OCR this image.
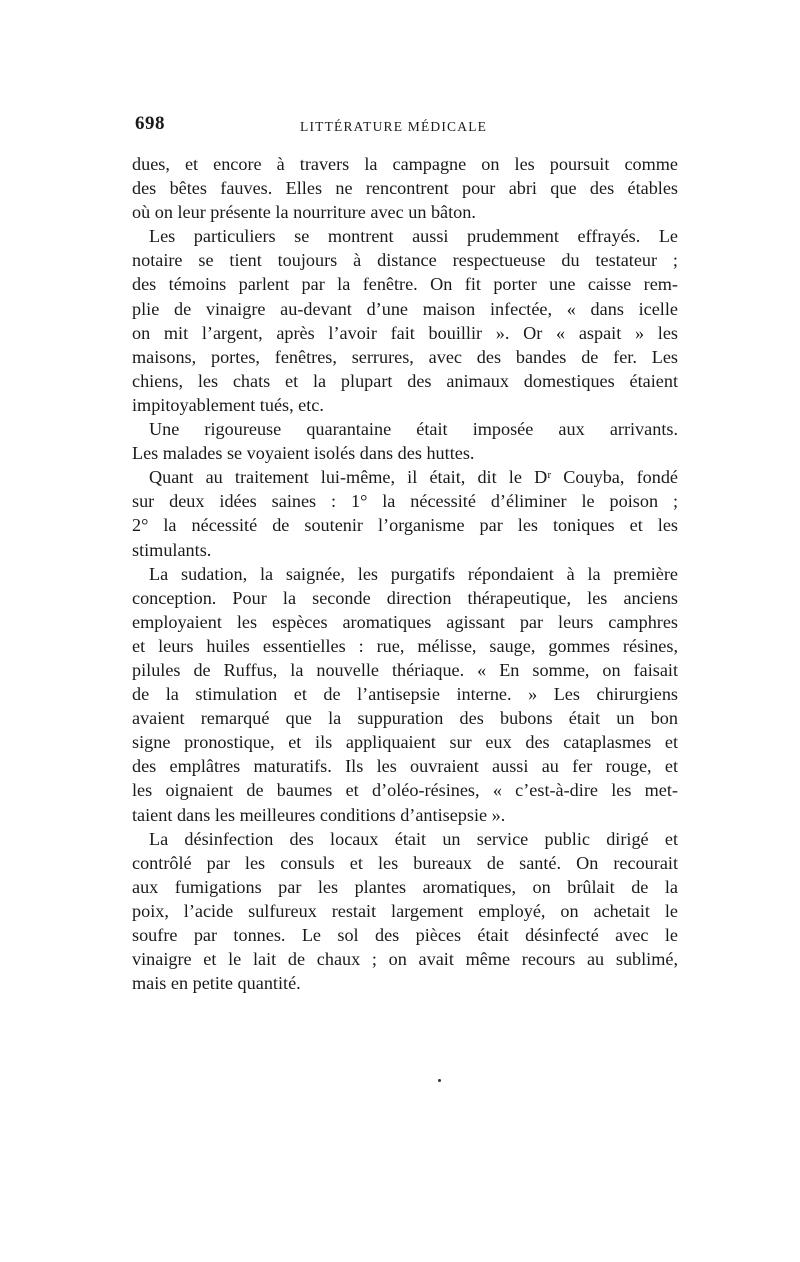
698	LITTÉRATURE MÉDICALE
dues, et encore à travers la campagne on les poursuit comme
des bêtes fauves. Elles ne rencontrent pour abri que des étables
où on leur présente la nourriture avec un bâton.
Les particuliers se montrent aussi prudemment effrayés. Le
notaire se tient toujours à distance respectueuse du testateur ;
des témoins parlent par la fenêtre. On fit porter une caisse rem-
plie de vinaigre au-devant d’une maison infectée, « dans icelle
on mit l’argent, après l’avoir fait bouillir ». Or « aspait » les
maisons, portes, fenêtres, serrures, avec des bandes de fer. Les
chiens, les chats et la plupart des animaux domestiques étaient
impitoyablement tués, etc.
Une rigoureuse quarantaine était imposée aux arrivants.
Les malades se voyaient isolés dans des huttes.
Quant au traitement lui-même, il était, dit le Dʳ Couyba, fondé
sur deux idées saines : 1° la nécessité d’éliminer le poison ;
2° la nécessité de soutenir l’organisme par les toniques et les
stimulants.
La sudation, la saignée, les purgatifs répondaient à la première
conception. Pour la seconde direction thérapeutique, les anciens
employaient les espèces aromatiques agissant par leurs camphres
et leurs huiles essentielles : rue, mélisse, sauge, gommes résines,
pilules de Ruffus, la nouvelle thériaque. « En somme, on faisait
de la stimulation et de l’antisepsie interne. » Les chirurgiens
avaient remarqué que la suppuration des bubons était un bon
signe pronostique, et ils appliquaient sur eux des cataplasmes et
des emplâtres maturatifs. Ils les ouvraient aussi au fer rouge, et
les oignaient de baumes et d’oléo-résines, « c’est-à-dire les met-
taient dans les meilleures conditions d’antisepsie ».
La désinfection des locaux était un service public dirigé et
contrôlé par les consuls et les bureaux de santé. On recourait
aux fumigations par les plantes aromatiques, on brûlait de la
poix, l’acide sulfureux restait largement employé, on achetait le
soufre par tonnes. Le sol des pièces était désinfecté avec le
vinaigre et le lait de chaux ; on avait même recours au sublimé,
mais en petite quantité.
